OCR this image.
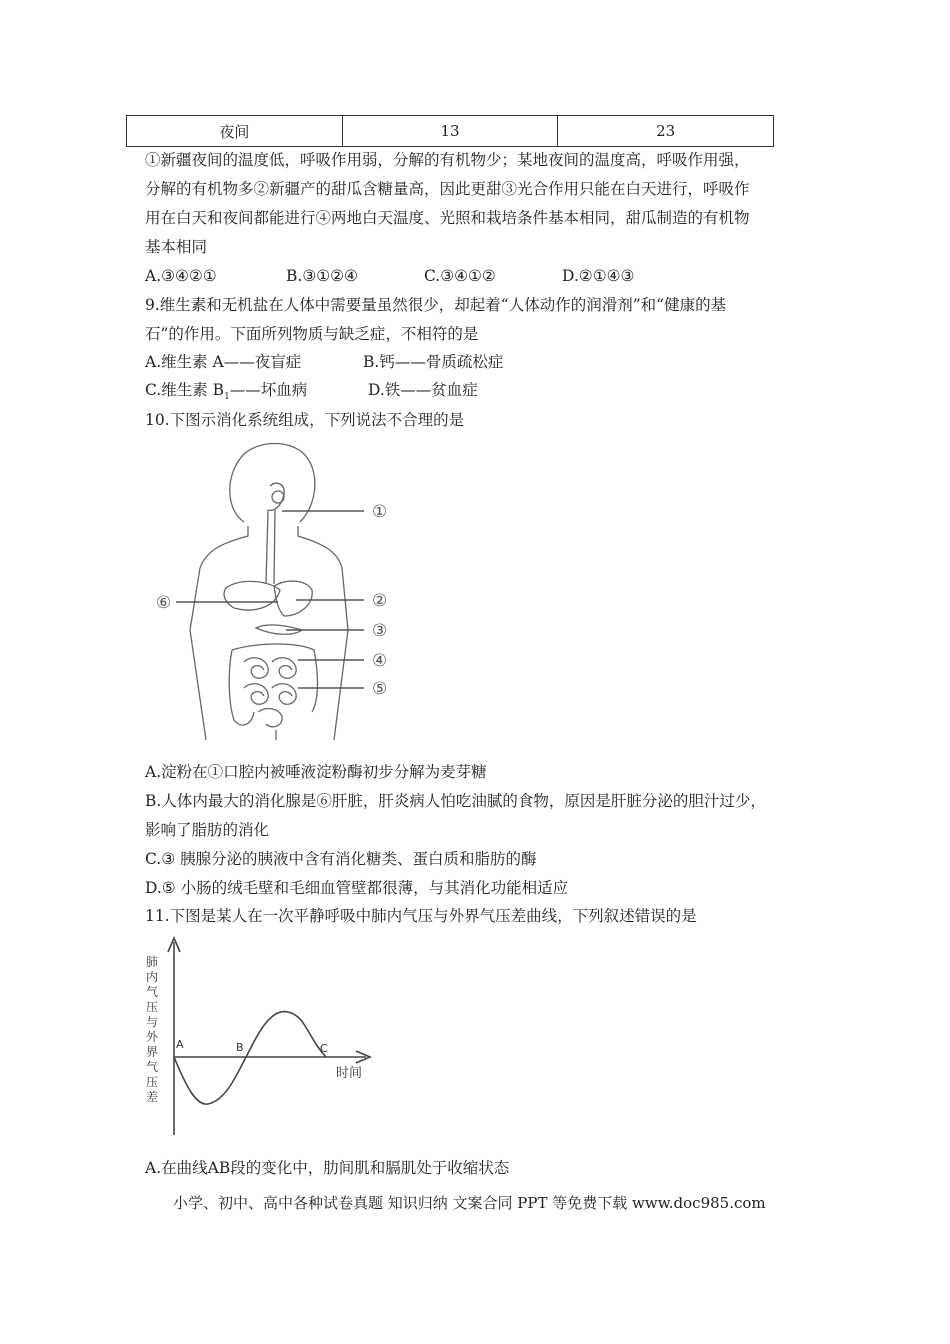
夜间	13	23
①新疆夜间的温度低，呼吸作用弱，分解的有机物少；某地夜间的温度高，呼吸作用强，
分解的有机物多②新疆产的甜瓜含糖量高，因此更甜③光合作用只能在白天进行，呼吸作
用在白天和夜间都能进行④两地白天温度、光照和栽培条件基本相同，甜瓜制造的有机物
基本相同
A.③④②①	B.③①②④	C.③④①②	D.②①④③
9.维生素和无机盐在人体中需要量虽然很少，却起着“人体动作的润滑剂”和“健康的基
石”的作用。下面所列物质与缺乏症，不相符的是
A.维生素 A——夜盲症	B.钙——骨质疏松症
C.维生素 $B_1——$坏血病	D.铁——贫血症
10.下图示消化系统组成，下列说法不合理的是
①
②
③
④
⑤
⑥
A.淀粉在①口腔内被唾液淀粉酶初步分解为麦芽糖
B.人体内最大的消化腺是⑥肝脏，肝炎病人怕吃油腻的食物，原因是肝脏分泌的胆汁过少，
影响了脂肪的消化
C.③ 胰腺分泌的胰液中含有消化糖类、蛋白质和脂肪的酶
D.⑤ 小肠的绒毛壁和毛细血管壁都很薄，与其消化功能相适应
11.下图是某人在一次平静呼吸中肺内气压与外界气压差曲线，下列叙述错误的是
A	B	C
时间
肺
内
气
压
与
外
界
气
压
差
A.在曲线AB段的变化中，肋间肌和膈肌处于收缩状态
小学、初中、高中各种试卷真题 知识归纳 文案合同 PPT 等免费下载 www.doc985.com
